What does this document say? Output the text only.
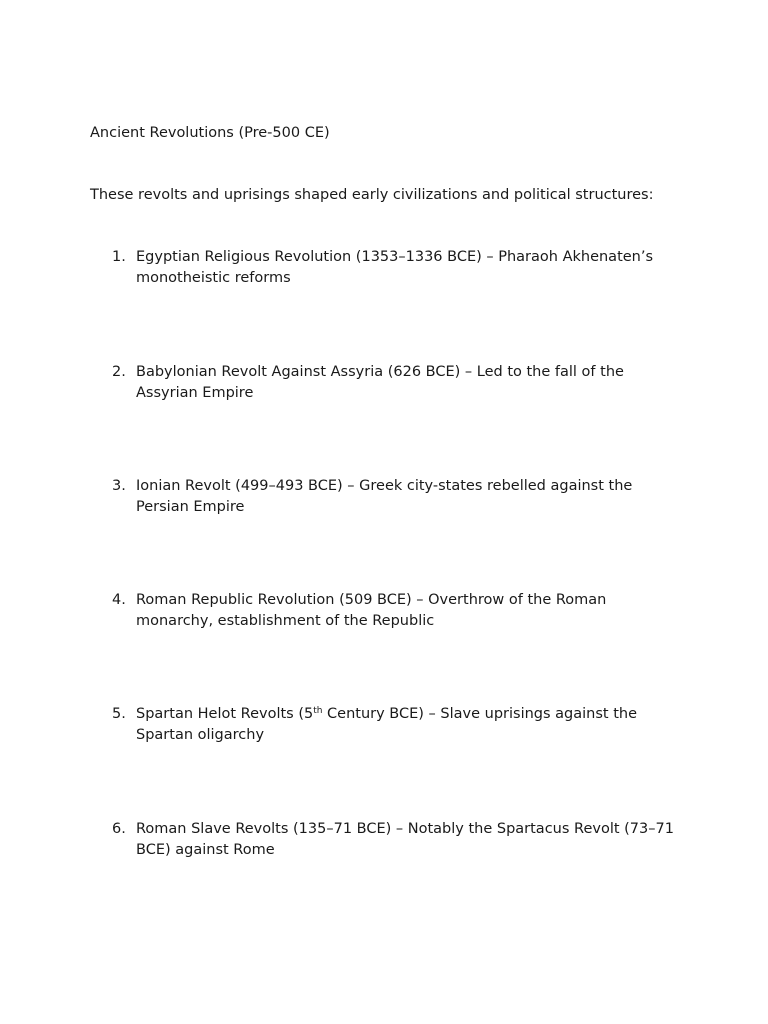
Ancient Revolutions (Pre-500 CE)

These revolts and uprisings shaped early civilizations and political structures:

1. Egyptian Religious Revolution (1353–1336 BCE) – Pharaoh Akhenaten’s monotheistic reforms
2. Babylonian Revolt Against Assyria (626 BCE) – Led to the fall of the Assyrian Empire
3. Ionian Revolt (499–493 BCE) – Greek city-states rebelled against the Persian Empire
4. Roman Republic Revolution (509 BCE) – Overthrow of the Roman monarchy, establishment of the Republic
5. Spartan Helot Revolts (5th Century BCE) – Slave uprisings against the Spartan oligarchy
6. Roman Slave Revolts (135–71 BCE) – Notably the Spartacus Revolt (73–71 BCE) against Rome
